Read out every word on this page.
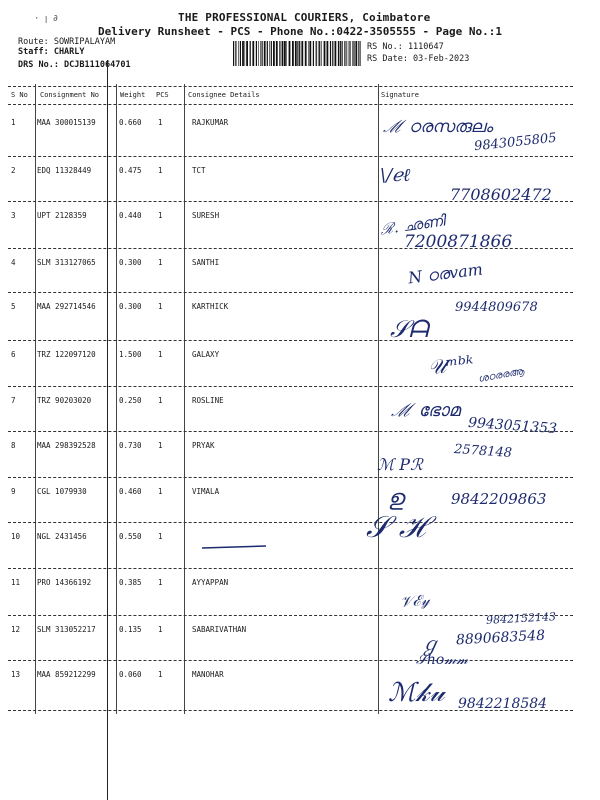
· ꞁ ∂	THE PROFESSIONAL COURIERS, Coimbatore
Delivery Runsheet - PCS - Phone No.:0422-3505555 - Page No.:1
Route: SOWRIPALAYAM
Staff: CHARLY
DRS No.: DCJB111064701
RS No.: 1110647
RS Date: 03-Feb-2023
S No Consignment No	Weight PCS	Consignee Details	Signature
1	MAA 300015139	0.660 1	RAJKUMAR
2	EDQ 11328449	0.475 1	TCT
3	UPT 2128359	0.440 1	SURESH
4	SLM 313127065	0.300 1	SANTHI
5	MAA 292714546	0.300 1	KARTHICK
6	TRZ 122097120	1.500 1	GALAXY
7	TRZ 90203020	0.250 1	ROSLINE
8	MAA 298392528	0.730 1	PRYAK
9	CGL 1079930	0.460 1	VIMALA
10 NGL 2431456	0.550 1
11 PRO 14366192	0.385 1	AYYAPPAN
12 SLM 313052217	0.135 1	SABARIVATHAN
13 MAA 859212299	0.060 1	MANOHAR
ℳ ഠരസരുലം
9843055805
\/ℯℓ
7708602472
ℛ. ഛണി
7200871866
N ഠരvam
9944809678
𝒮ᗩ
𝒰ᵐᵇᵏ ശഠരരആ
ℳ ഭോമ
9943051353
ℳ Pℛ
2578148
ഉ	9842209863
𝒮 ℋ
𝒱ℰ𝓎
9842152143
ℊ 8890683548
𝒮ℎ𝑜𝓂𝓂
ℳ𝓀𝓊 9842218584
